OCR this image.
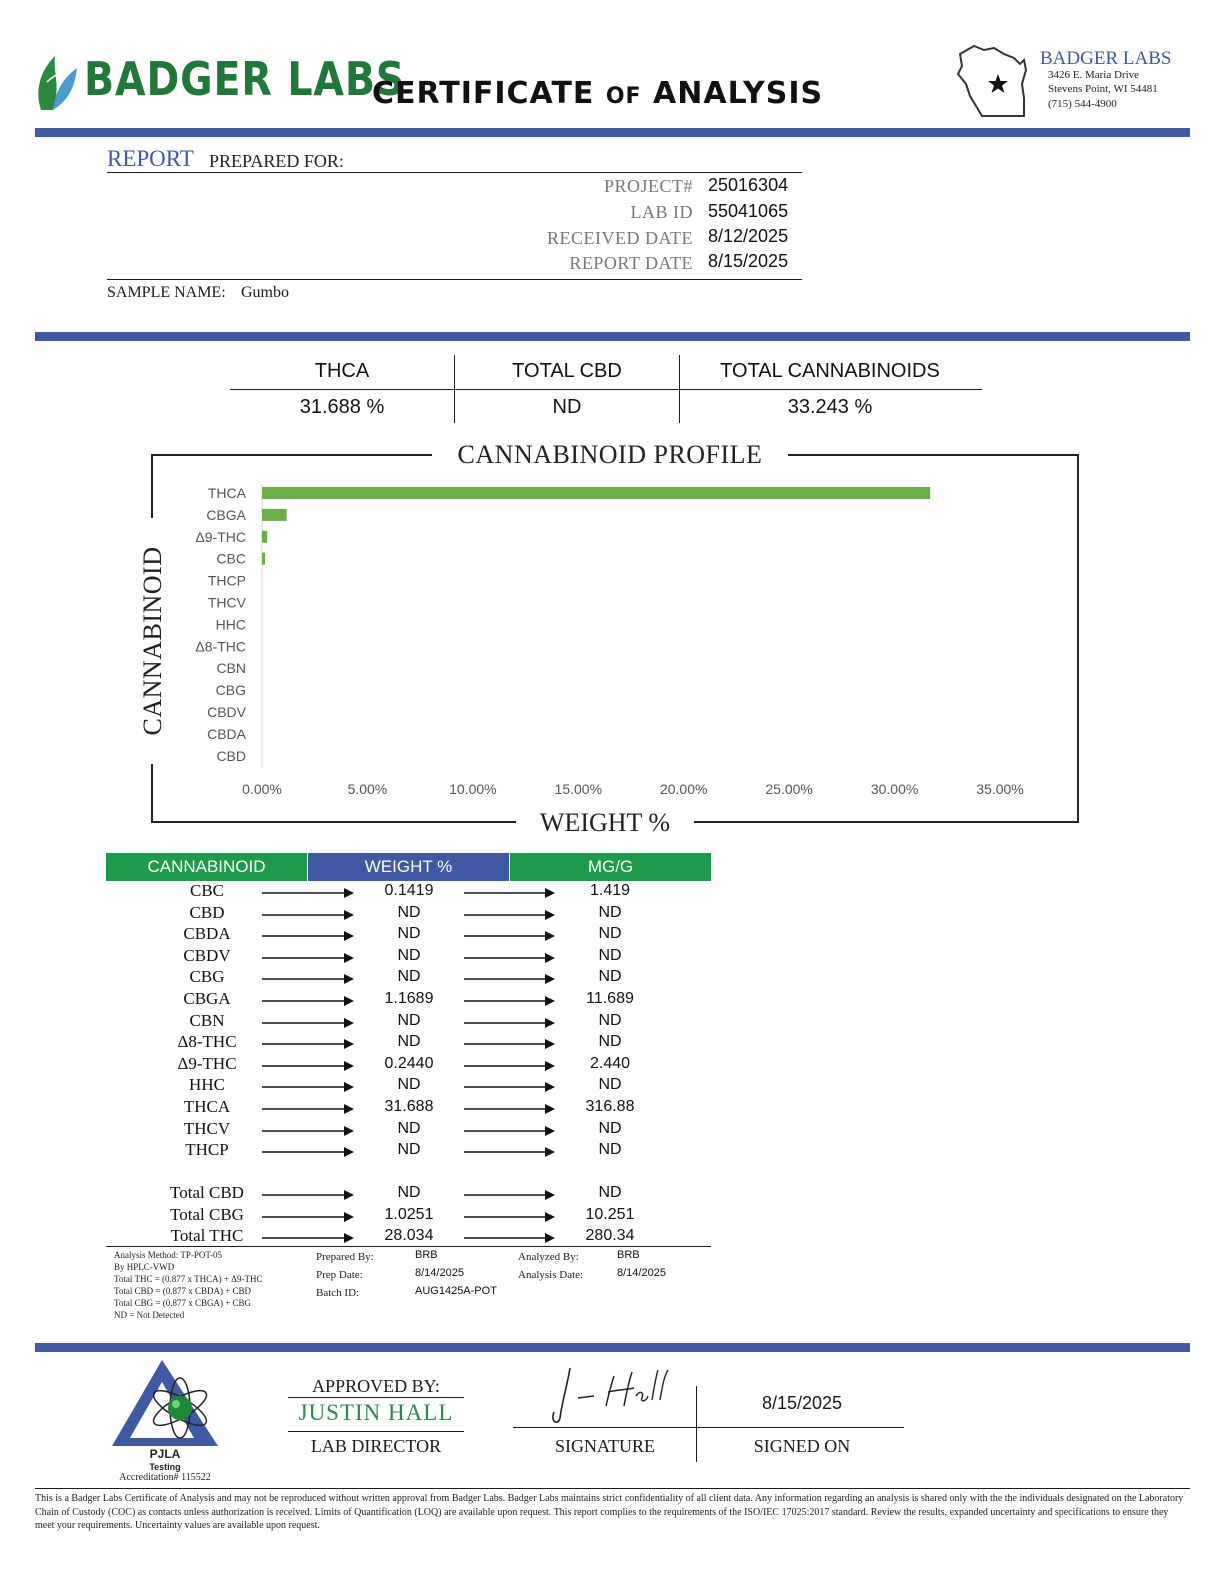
BADGER LABS
CERTIFICATE OF ANALYSIS
BADGER LABS
3426 E. Maria Drive
Stevens Point, WI 54481
(715) 544-4900
REPORT PREPARED FOR:
PROJECT# 25016304
LAB ID 55041065
RECEIVED DATE 8/12/2025
REPORT DATE 8/15/2025
SAMPLE NAME: Gumbo
THCA	TOTAL CBD	TOTAL CANNABINOIDS
31.688 %	ND	33.243 %
THCA
CBGA
Δ9-THC
CBC
THCP
THCV
HHC
Δ8-THC
CBN
CBG
CBDV
CBDA
CBD
0.00%	5.00%	10.00%	15.00%	20.00%	25.00%	30.00%	35.00%
CANNABINOID PROFILE
WEIGHT %
CANNABINOID
CANNABINOID	WEIGHT %	MG/G
CBC	0.1419	1.419
CBD	ND	ND
CBDA	ND	ND
CBDV	ND	ND
CBG	ND	ND
CBGA	1.1689	11.689
CBN	ND	ND
Δ8-THC	ND	ND
Δ9-THC	0.2440	2.440
HHC	ND	ND
THCA	31.688	316.88
THCV	ND	ND
THCP	ND	ND
Total CBD	ND	ND
Total CBG	1.0251	10.251
Total THC	28.034	280.34
Analysis Method: TP-POT-05
By HPLC-VWD
Total THC = (0.877 x THCA) + Δ9-THC
Total CBD = (0.877 x CBDA) + CBD
Total CBG = (0.877 x CBGA) + CBG
ND = Not Detected
Prepared By:	BRB
Prep Date:	8/14/2025
Batch ID:	AUG1425A-POT
Analyzed By:	BRB
Analysis Date:	8/14/2025
PJLA
Testing
Accreditation# 115522
APPROVED BY:
JUSTIN HALL
LAB DIRECTOR	SIGNATURE
8/15/2025
SIGNED ON
This is a Badger Labs Certificate of Analysis and may not be reproduced without written approval from Badger Labs. Badger Labs maintains strict confidentiality of all client data. Any information regarding an analysis is shared only with the the individuals designated on the Laboratory Chain of Custody (COC) as contacts unless authorization is received. Limits of Quantification (LOQ) are available upon request. This report complies to the requirements of the ISO/IEC 17025:2017 standard. Review the results, expanded uncertainty and specifications to ensure they meet your requirements. Uncertainty values are available upon request.
